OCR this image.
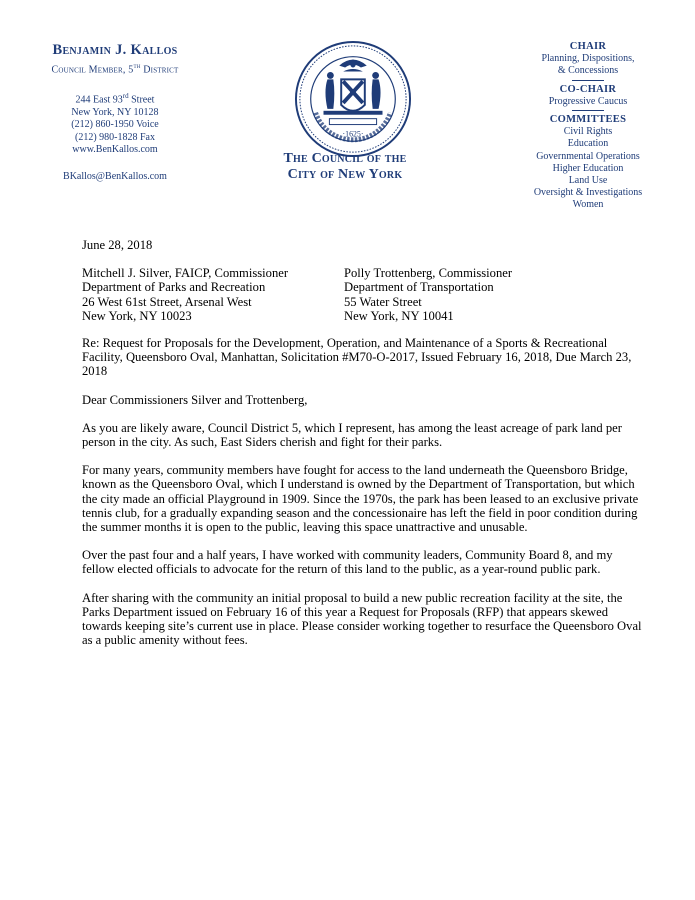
Benjamin J. Kallos

Council Member, 5th District

244 East 93rd Street

New York, NY 10128

(212) 860-1950 Voice

(212) 980-1828 Fax

www.BenKallos.com

BKallos@BenKallos.com

·1625·
The Council of the
City of New York

CHAIR

Planning, Dispositions,

& Concessions

CO-CHAIR

Progressive Caucus

COMMITTEES

Civil Rights

Education

Governmental Operations

Higher Education

Land Use

Oversight & Investigations

Women

June 28, 2018

Mitchell J. Silver, FAICP, Commissioner

Department of Parks and Recreation

26 West 61st Street, Arsenal West

New York, NY 10023

Polly Trottenberg, Commissioner

Department of Transportation

55 Water Street

New York, NY 10041

Re: Request for Proposals for the Development, Operation, and Maintenance of a Sports & Recreational Facility, Queensboro Oval, Manhattan, Solicitation #M70-O-2017, Issued February 16, 2018, Due March 23, 2018

Dear Commissioners Silver and Trottenberg,

As you are likely aware, Council District 5, which I represent, has among the least acreage of park land per person in the city. As such, East Siders cherish and fight for their parks.

For many years, community members have fought for access to the land underneath the Queensboro Bridge, known as the Queensboro Oval, which I understand is owned by the Department of Transportation, but which the city made an official Playground in 1909. Since the 1970s, the park has been leased to an exclusive private tennis club, for a gradually expanding season and the concessionaire has left the field in poor condition during the summer months it is open to the public, leaving this space unattractive and unusable.

Over the past four and a half years, I have worked with community leaders, Community Board 8, and my fellow elected officials to advocate for the return of this land to the public, as a year-round public park.

After sharing with the community an initial proposal to build a new public recreation facility at the site, the Parks Department issued on February 16 of this year a Request for Proposals (RFP) that appears skewed towards keeping site’s current use in place. Please consider working together to resurface the Queensboro Oval as a public amenity without fees.
